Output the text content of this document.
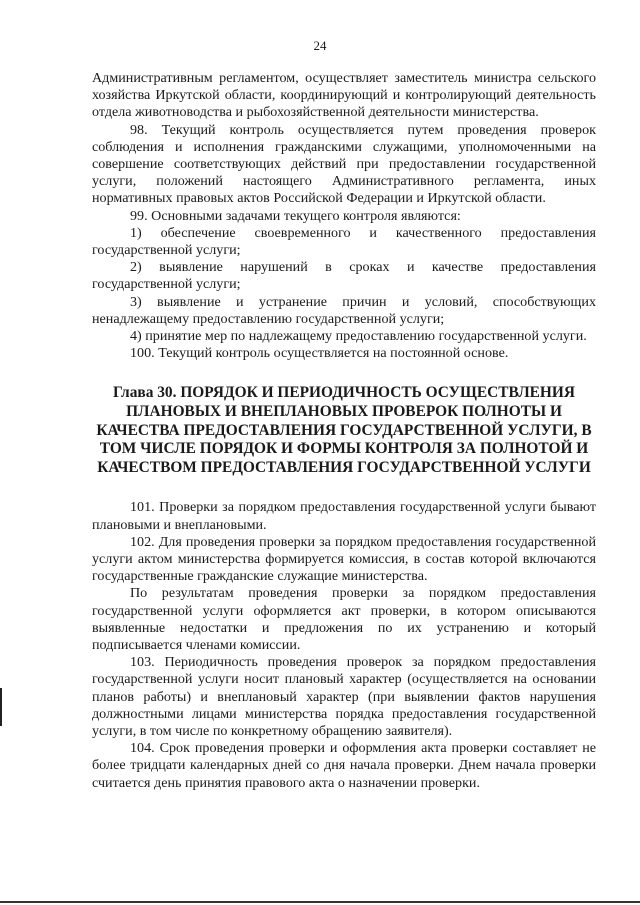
24

Административным регламентом, осуществляет заместитель министра сельского хозяйства Иркутской области, координирующий и контролирующий деятельность отдела животноводства и рыбохозяйственной деятельности министерства.

98. Текущий контроль осуществляется путем проведения проверок соблюдения и исполнения гражданскими служащими, уполномоченными на совершение соответствующих действий при предоставлении государственной услуги, положений настоящего Административного регламента, иных нормативных правовых актов Российской Федерации и Иркутской области.

99. Основными задачами текущего контроля являются:

1) обеспечение своевременного и качественного предоставления государственной услуги;

2) выявление нарушений в сроках и качестве предоставления государственной услуги;

3) выявление и устранение причин и условий, способствующих ненадлежащему предоставлению государственной услуги;

4) принятие мер по надлежащему предоставлению государственной услуги.

100. Текущий контроль осуществляется на постоянной основе.

Глава 30. ПОРЯДОК И ПЕРИОДИЧНОСТЬ ОСУЩЕСТВЛЕНИЯ ПЛАНОВЫХ И ВНЕПЛАНОВЫХ ПРОВЕРОК ПОЛНОТЫ И КАЧЕСТВА ПРЕДОСТАВЛЕНИЯ ГОСУДАРСТВЕННОЙ УСЛУГИ, В ТОМ ЧИСЛЕ ПОРЯДОК И ФОРМЫ КОНТРОЛЯ ЗА ПОЛНОТОЙ И КАЧЕСТВОМ ПРЕДОСТАВЛЕНИЯ ГОСУДАРСТВЕННОЙ УСЛУГИ

101. Проверки за порядком предоставления государственной услуги бывают плановыми и внеплановыми.

102. Для проведения проверки за порядком предоставления государственной услуги актом министерства формируется комиссия, в состав которой включаются государственные гражданские служащие министерства.

По результатам проведения проверки за порядком предоставления государственной услуги оформляется акт проверки, в котором описываются выявленные недостатки и предложения по их устранению и который подписывается членами комиссии.

103. Периодичность проведения проверок за порядком предоставления государственной услуги носит плановый характер (осуществляется на основании планов работы) и внеплановый характер (при выявлении фактов нарушения должностными лицами министерства порядка предоставления государственной услуги, в том числе по конкретному обращению заявителя).

104. Срок проведения проверки и оформления акта проверки составляет не более тридцати календарных дней со дня начала проверки. Днем начала проверки считается день принятия правового акта о назначении проверки.
